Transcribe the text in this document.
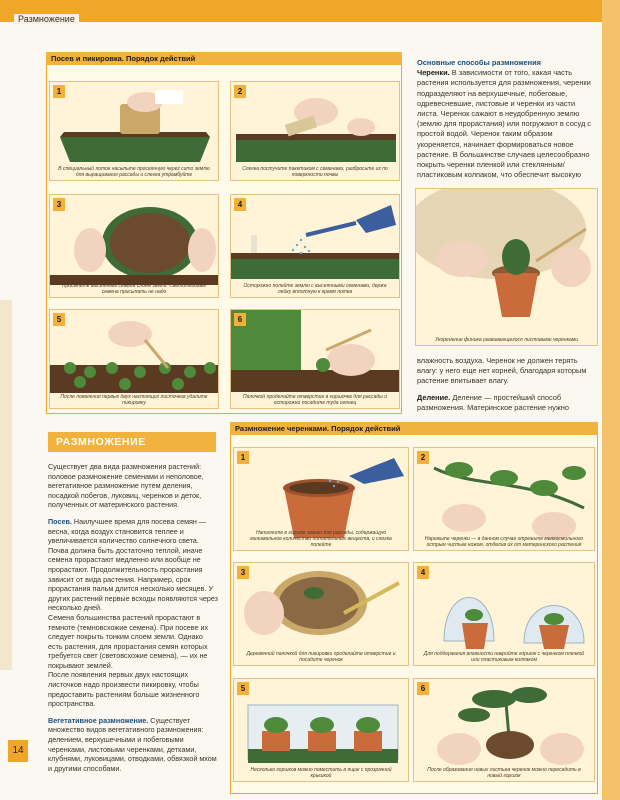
Размножение
Посев и пикировка. Порядок действий
1
В специальный лоток насыпьте просеянную через сито землю для выращивания рассады и слегка утрамбуйте
2
Слегка постучите пакетиком с семенами, разбросьте их по поверхности почвы
3
Присыпьте высеянные семена слоем земли. Светолюбивые семена присыпать не надо
4
Осторожно полейте землю с высеянными семенами, держа лейку вплотную к краям лотка
5
После появления первых двух настоящих листочков удалите пикировку
6
Палочкой проделайте отверстие в горшочке для рассады и осторожно посадите туда сеянец
Основные способы размножения
Черенки. В зависимости от того, какая часть растения используется для размножения, черенки подразделяют на верхушечные, побеговые, одревесневшие, листовые и черенки из части листа. Черенок сажают в неудобренную землю (землю для прорастания) или погружают в сосуд с простой водой. Черенок таким образом укореняется, начинает формироваться новое растение. В большинстве случаев целесообразно покрыть черенки пленкой или стеклянным/пластиковым колпаком, что обеспечит высокую
Укоренение финика развивающегося листовыми черенками
влажность воздуха. Черенок не должен терять влагу: у него еще нет корней, благодаря которым растение впитывает влагу.
Деление. Деление — простейший способ размножения. Материнское растение нужно
РАЗМНОЖЕНИЕ

Существует два вида размножения растений: половое размножение семенами и неполовое, вегетативное размножение путем деления, посадкой побегов, луковиц, черенков и деток, полученных от материнского растения.

Посев. Наилучшее время для посева семян — весна, когда воздух становится теплее и увеличивается количество солнечного света. Почва должна быть достаточно теплой, иначе семена прорастают медленно или вообще не прорастают. Продолжительность прорастания зависит от вида растения. Например, срок прорастания пальм длится несколько месяцев. У других растений первые всходы появляются через несколько дней.

Семена большинства растений прорастают в темноте (темновсхожие семена). При посеве их следует покрыть тонким слоем земли. Однако есть растения, для прорастания семян которых требуется свет (световсхожие семена), — их не покрывают землей.

После появления первых двух настоящих листочков надо произвести пикировку, чтобы предоставить растениям больше жизненного пространства.

Вегетативное размножение. Существует множество видов вегетативного размножения: делением, верхушечными и побеговыми черенками, листовыми черенками, детками, клубнями, луковицами, отводками, обвязкой мхом и другими способами.

14
Размножение черенками. Порядок действий
1
Наполните в горшок землю для рассады, содержащую минимальное количество питательных веществ, и слегка полейте
2
Нарежьте черенки — в данном случае отрежьте мелкосмольного острым чистым ножом, отделив их от материнского растения
3
Деревянной палочкой для пикировки проделайте отверстие и посадите черенок
4
Для поддержания влажности накройте горшок с черенком пленкой или пластиковым колпаком
5
Несколько горшков можно поместить в ящик с прозрачной крышкой
6
После образования новых листьев черенок можно пересадить в новый горшок
